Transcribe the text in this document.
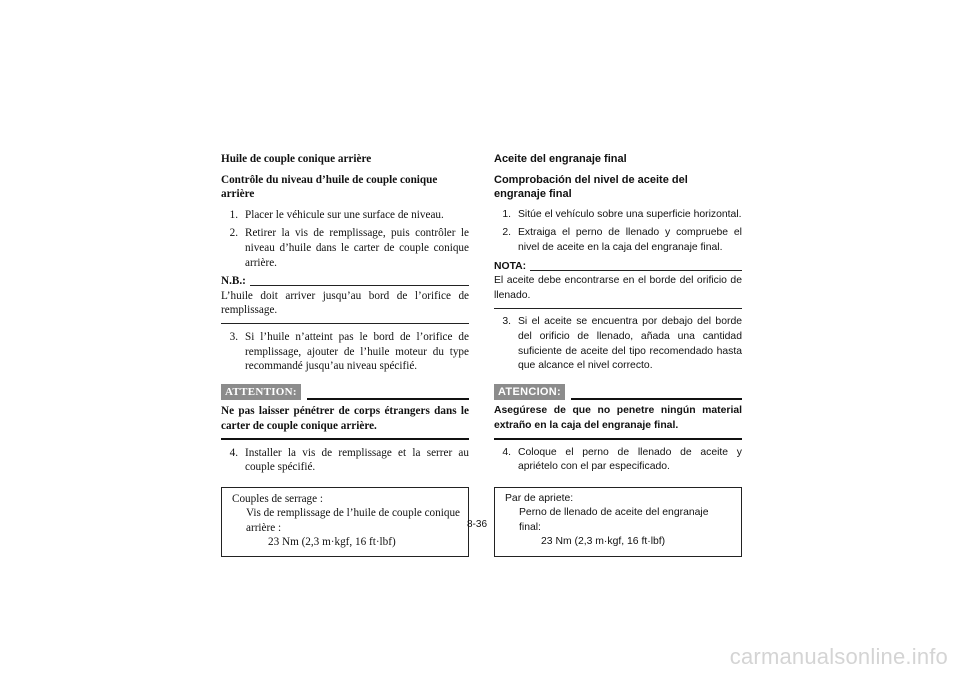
Huile de couple conique arrière
Contrôle du niveau d’huile de couple conique arrière
1. Placer le véhicule sur une surface de niveau.
2. Retirer la vis de remplissage, puis contrôler le niveau d’huile dans le carter de couple conique arrière.
N.B.:
L’huile doit arriver jusqu’au bord de l’orifice de remplissage.
3. Si l’huile n’atteint pas le bord de l’orifice de remplissage, ajouter de l’huile moteur du type recommandé jusqu’au niveau spécifié.
ATTENTION:
Ne pas laisser pénétrer de corps étrangers dans le carter de couple conique arrière.
4. Installer la vis de remplissage et la serrer au couple spécifié.
Couples de serrage :
Vis de remplissage de l’huile de couple conique arrière :
23 Nm (2,3 m·kgf, 16 ft·lbf)
Aceite del engranaje final
Comprobación del nivel de aceite del engranaje final
1. Sitúe el vehículo sobre una superficie horizontal.
2. Extraiga el perno de llenado y compruebe el nivel de aceite en la caja del engranaje final.
NOTA:
El aceite debe encontrarse en el borde del orificio de llenado.
3. Si el aceite se encuentra por debajo del borde del orificio de llenado, añada una cantidad suficiente de aceite del tipo recomendado hasta que alcance el nivel correcto.
ATENCION:
Asegúrese de que no penetre ningún material extraño en la caja del engranaje final.
4. Coloque el perno de llenado de aceite y apriételo con el par especificado.
Par de apriete:
Perno de llenado de aceite del engranaje final:
23 Nm (2,3 m·kgf, 16 ft·lbf)
8-36
carmanualsonline.info
